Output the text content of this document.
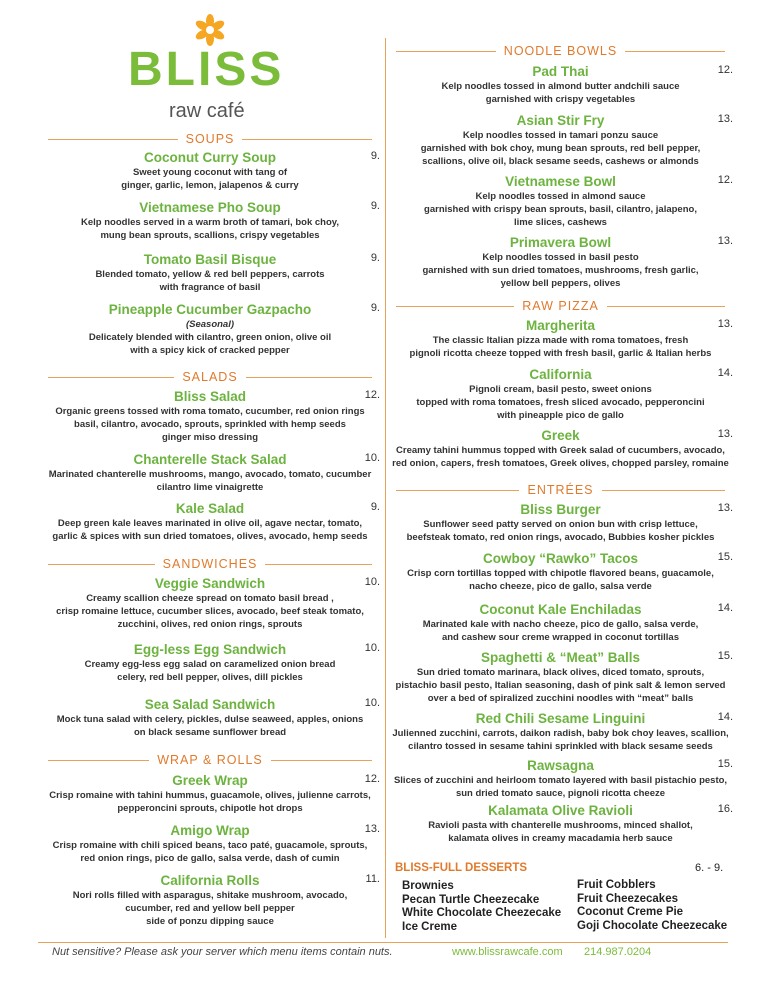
BLISS
raw café
SOUPS
Coconut Curry Soup	9.
Sweet young coconut with tang of
ginger, garlic, lemon, jalapenos & curry
Vietnamese Pho Soup	9.
Kelp noodles served in a warm broth of tamari, bok choy,
mung bean sprouts, scallions, crispy vegetables
Tomato Basil Bisque	9.
Blended tomato, yellow & red bell peppers, carrots
with fragrance of basil
Pineapple Cucumber Gazpacho	9.
(Seasonal)
Delicately blended with cilantro, green onion, olive oil
with a spicy kick of cracked pepper
SALADS
Bliss Salad	12.
Organic greens tossed with roma tomato, cucumber, red onion rings
basil, cilantro, avocado, sprouts, sprinkled with hemp seeds
ginger miso dressing
Chanterelle Stack Salad	10.
Marinated chanterelle mushrooms, mango, avocado, tomato, cucumber
cilantro lime vinaigrette
Kale Salad	9.
Deep green kale leaves marinated in olive oil, agave nectar, tomato,
garlic & spices with sun dried tomatoes, olives, avocado, hemp seeds
SANDWICHES
Veggie Sandwich	10.
Creamy scallion cheeze spread on tomato basil bread ,
crisp romaine lettuce, cucumber slices, avocado, beef steak tomato,
zucchini, olives, red onion rings, sprouts
Egg-less Egg Sandwich	10.
Creamy egg-less egg salad on caramelized onion bread
celery, red bell pepper, olives, dill pickles
Sea Salad Sandwich	10.
Mock tuna salad with celery, pickles, dulse seaweed, apples, onions
on black sesame sunflower bread
WRAP & ROLLS
Greek Wrap	12.
Crisp romaine with tahini hummus, guacamole, olives, julienne carrots,
pepperoncini sprouts, chipotle hot drops
Amigo Wrap	13.
Crisp romaine with chili spiced beans, taco paté, guacamole, sprouts,
red onion rings, pico de gallo, salsa verde, dash of cumin
California Rolls	11.
Nori rolls filled with asparagus, shitake mushroom, avocado,
cucumber, red and yellow bell pepper
side of ponzu dipping sauce
NOODLE BOWLS
Pad Thai	12.
Kelp noodles tossed in almond butter andchili sauce
garnished with crispy vegetables
Asian Stir Fry	13.
Kelp noodles tossed in tamari ponzu sauce
garnished with bok choy, mung bean sprouts, red bell pepper,
scallions, olive oil, black sesame seeds, cashews or almonds
Vietnamese Bowl	12.
Kelp noodles tossed in almond sauce
garnished with crispy bean sprouts, basil, cilantro, jalapeno,
lime slices, cashews
Primavera Bowl	13.
Kelp noodles tossed in basil pesto
garnished with sun dried tomatoes, mushrooms, fresh garlic,
yellow bell peppers, olives
RAW PIZZA
Margherita	13.
The classic Italian pizza made with roma tomatoes, fresh
pignoli ricotta cheeze topped with fresh basil, garlic & Italian herbs
California	14.
Pignoli cream, basil pesto, sweet onions
topped with roma tomatoes, fresh sliced avocado, pepperoncini
with pineapple pico de gallo
Greek	13.
Creamy tahini hummus topped with Greek salad of cucumbers, avocado,
red onion, capers, fresh tomatoes, Greek olives, chopped parsley, romaine
ENTRÉES
Bliss Burger	13.
Sunflower seed patty served on onion bun with crisp lettuce,
beefsteak tomato, red onion rings, avocado, Bubbies kosher pickles
Cowboy “Rawko” Tacos	15.
Crisp corn tortillas topped with chipotle flavored beans, guacamole,
nacho cheeze, pico de gallo, salsa verde
Coconut Kale Enchiladas	14.
Marinated kale with nacho cheeze, pico de gallo, salsa verde,
and cashew sour creme wrapped in coconut tortillas
Spaghetti & “Meat” Balls	15.
Sun dried tomato marinara, black olives, diced tomato, sprouts,
pistachio basil pesto, Italian seasoning, dash of pink salt & lemon served
over a bed of spiralized zucchini noodles with “meat” balls
Red Chili Sesame Linguini	14.
Julienned zucchini, carrots, daikon radish, baby bok choy leaves, scallion,
cilantro tossed in sesame tahini sprinkled with black sesame seeds
Rawsagna	15.
Slices of zucchini and heirloom tomato layered with basil pistachio pesto,
sun dried tomato sauce, pignoli ricotta cheeze
Kalamata Olive Ravioli	16.
Ravioli pasta with chanterelle mushrooms, minced shallot,
kalamata olives in creamy macadamia herb sauce
BLISS-FULL DESSERTS	6. - 9.
Brownies
Pecan Turtle Cheezecake
White Chocolate Cheezecake
Ice Creme
Fruit Cobblers
Fruit Cheezecakes
Coconut Creme Pie
Goji Chocolate Cheezecake
Nut sensitive? Please ask your server which menu items contain nuts.	www.blissrawcafe.com 214.987.0204
